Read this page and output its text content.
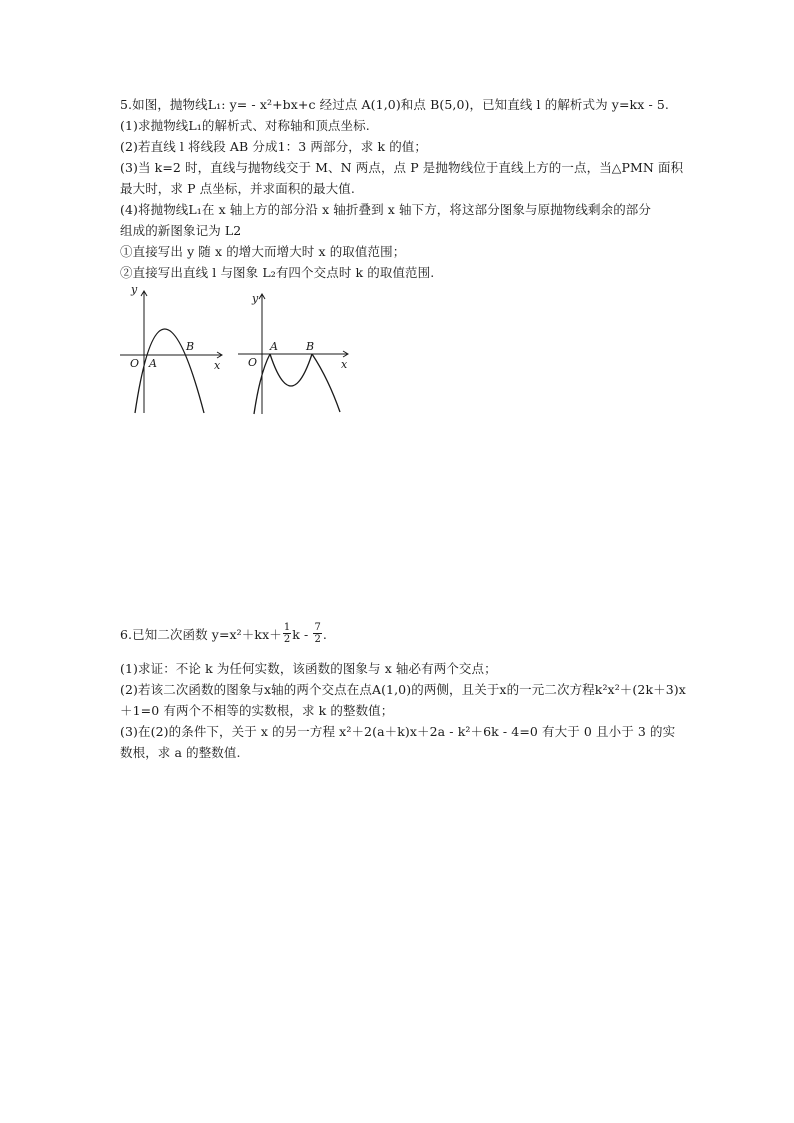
5.如图，抛物线L₁: y= - x²+bx+c 经过点 A(1,0)和点 B(5,0)，已知直线 l 的解析式为 y=kx - 5.
(1)求抛物线L₁的解析式、对称轴和顶点坐标.
(2)若直线 l 将线段 AB 分成1：3 两部分，求 k 的值；
(3)当 k=2 时，直线与抛物线交于 M、N 两点，点 P 是抛物线位于直线上方的一点，当△PMN 面积
最大时，求 P 点坐标，并求面积的最大值.
(4)将抛物线L₁在 x 轴上方的部分沿 x 轴折叠到 x 轴下方，将这部分图象与原抛物线剩余的部分
组成的新图象记为 L2
①直接写出 y 随 x 的增大而增大时 x 的取值范围；
②直接写出直线 l 与图象 L₂有四个交点时 k 的取值范围.
y
x
O A
B
y
x
O
A	B
6.已知二次函数 $y=x^2+kx+ \frac{1}{2}$ k - $\frac{7}{2}$ .
(1)求证：不论 k 为任何实数，该函数的图象与 x 轴必有两个交点；
(2)若该二次函数的图象与x轴的两个交点在点A(1,0)的两侧，且关于x的一元二次方程k²x²＋(2k＋3)x
＋1=0 有两个不相等的实数根，求 k 的整数值；
(3)在(2)的条件下，关于 x 的另一方程 x²＋2(a＋k)x＋2a - k²＋6k - 4=0 有大于 0 且小于 3 的实
数根，求 a 的整数值.
